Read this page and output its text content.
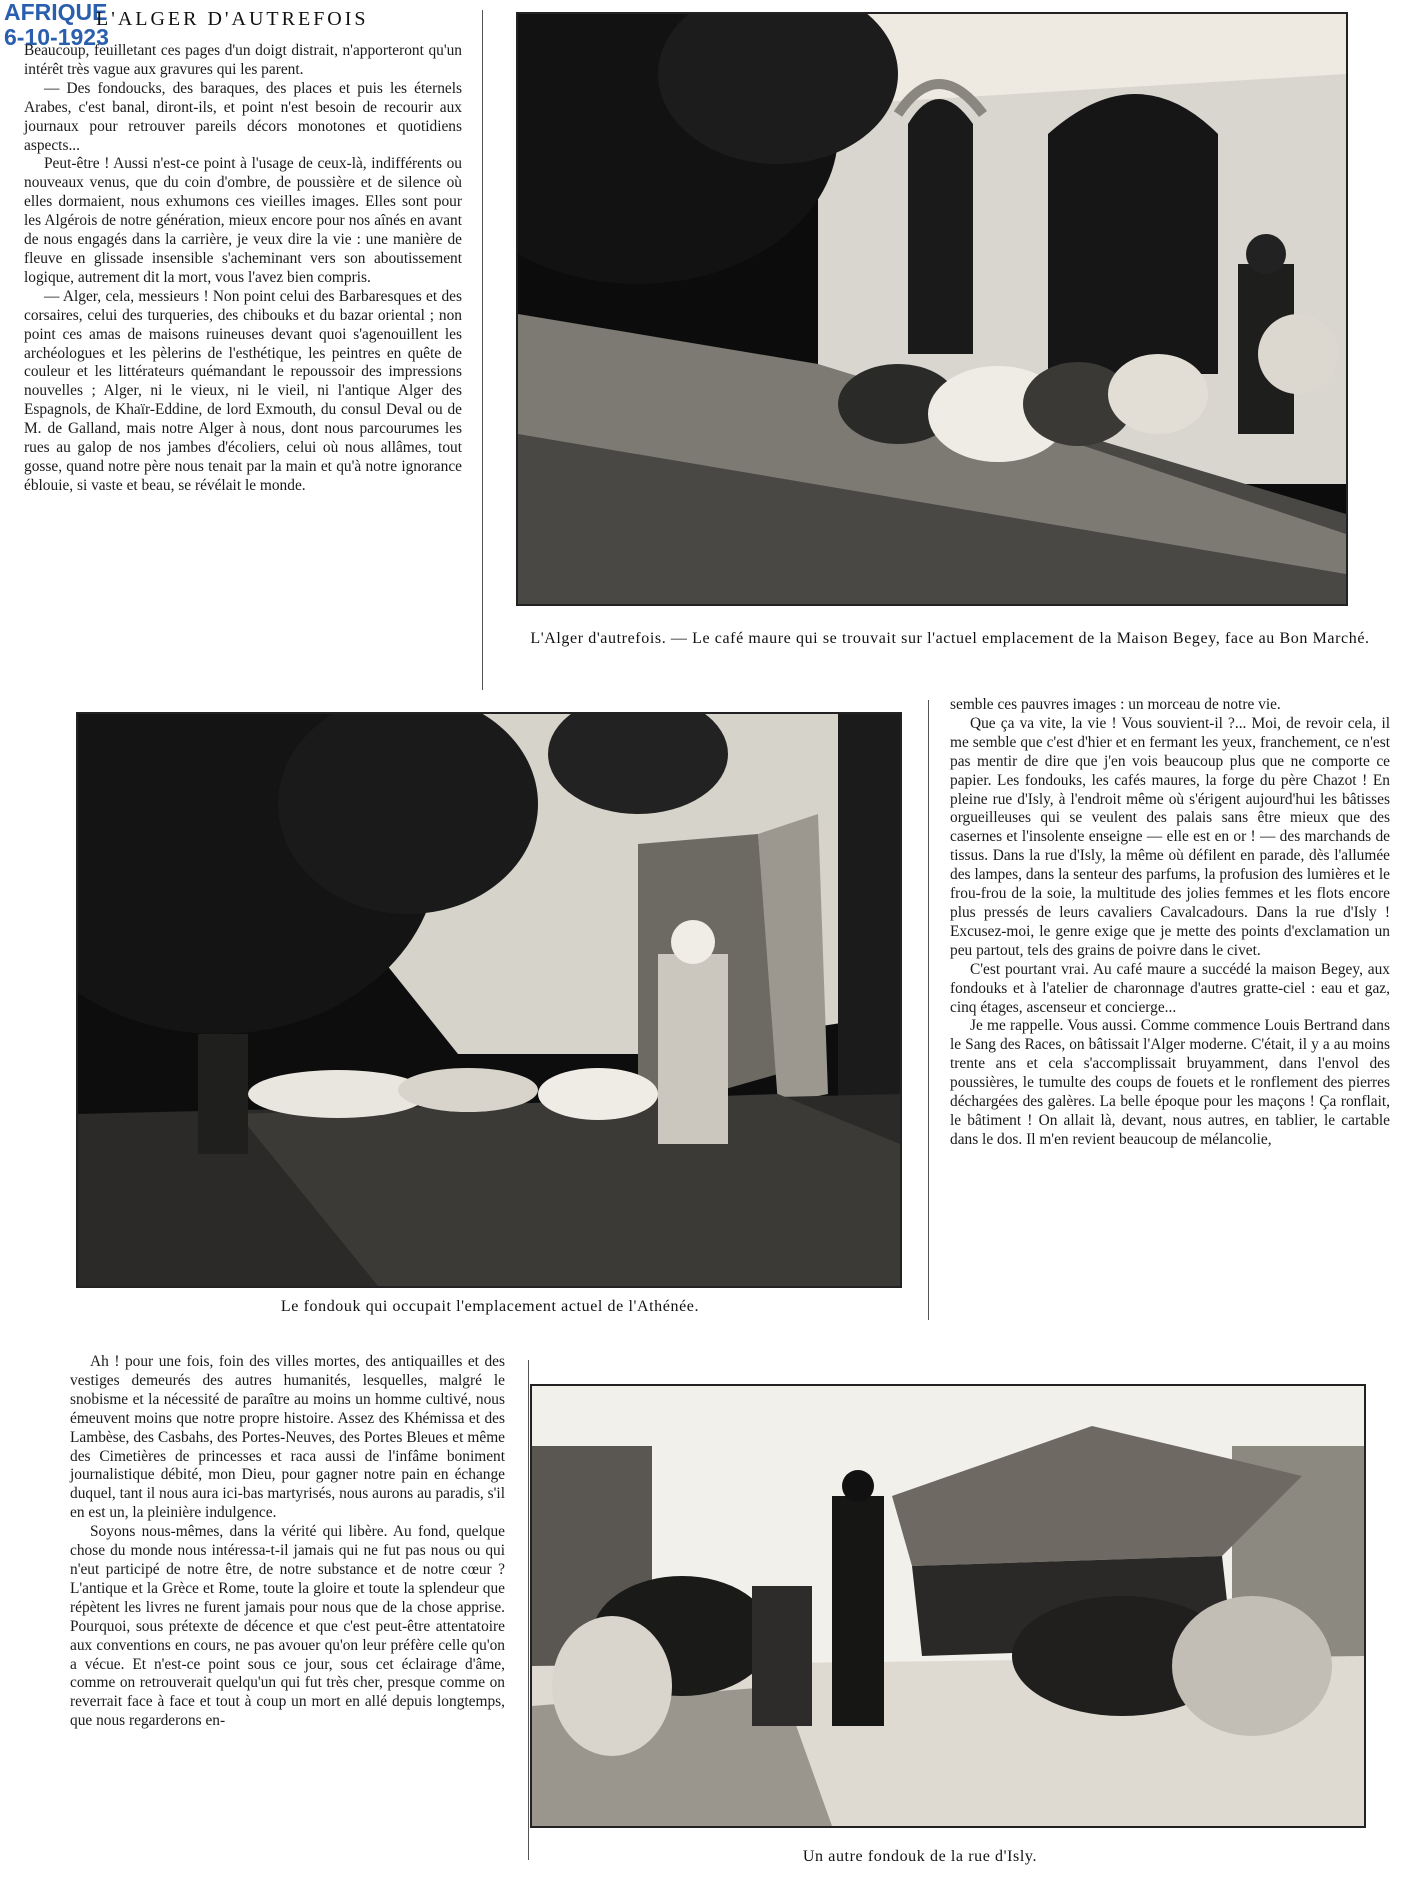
AFRIQUE
6-10-1923
L'ALGER D'AUTREFOIS

Beaucoup, feuilletant ces pages d'un doigt distrait, n'apporteront qu'un intérêt très vague aux gravures qui les parent.

— Des fondoucks, des baraques, des places et puis les éternels Arabes, c'est banal, diront-ils, et point n'est besoin de recourir aux journaux pour retrouver pareils décors monotones et quotidiens aspects...

Peut-être ! Aussi n'est-ce point à l'usage de ceux-là, indifférents ou nouveaux venus, que du coin d'ombre, de poussière et de silence où elles dormaient, nous exhumons ces vieilles images. Elles sont pour les Algérois de notre génération, mieux encore pour nos aînés en avant de nous engagés dans la carrière, je veux dire la vie : une manière de fleuve en glissade insensible s'acheminant vers son aboutissement logique, autrement dit la mort, vous l'avez bien compris.

— Alger, cela, messieurs ! Non point celui des Barbaresques et des corsaires, celui des turqueries, des chibouks et du bazar oriental ; non point ces amas de maisons ruineuses devant quoi s'agenouillent les archéologues et les pèlerins de l'esthétique, les peintres en quête de couleur et les littérateurs quémandant le repoussoir des impressions nouvelles ; Alger, ni le vieux, ni le vieil, ni l'antique Alger des Espagnols, de Khaïr-Eddine, de lord Exmouth, du consul Deval ou de M. de Galland, mais notre Alger à nous, dont nous parcourumes les rues au galop de nos jambes d'écoliers, celui où nous allâmes, tout gosse, quand notre père nous tenait par la main et qu'à notre ignorance éblouie, si vaste et beau, se révélait le monde.

L'Alger d'autrefois. — Le café maure qui se trouvait sur l'actuel emplacement de la Maison Begey, face au Bon Marché.
Le fondouk qui occupait l'emplacement actuel de l'Athénée.

semble ces pauvres images : un morceau de notre vie.

Que ça va vite, la vie ! Vous souvient-il ?... Moi, de revoir cela, il me semble que c'est d'hier et en fermant les yeux, franchement, ce n'est pas mentir de dire que j'en vois beaucoup plus que ne comporte ce papier. Les fondouks, les cafés maures, la forge du père Chazot ! En pleine rue d'Isly, à l'endroit même où s'érigent aujourd'hui les bâtisses orgueilleuses qui se veulent des palais sans être mieux que des casernes et l'insolente enseigne — elle est en or ! — des marchands de tissus. Dans la rue d'Isly, la même où défilent en parade, dès l'allumée des lampes, dans la senteur des parfums, la profusion des lumières et le frou-frou de la soie, la multitude des jolies femmes et les flots encore plus pressés de leurs cavaliers Cavalcadours. Dans la rue d'Isly ! Excusez-moi, le genre exige que je mette des points d'exclamation un peu partout, tels des grains de poivre dans le civet.

C'est pourtant vrai. Au café maure a succédé la maison Begey, aux fondouks et à l'atelier de charonnage d'autres gratte-ciel : eau et gaz, cinq étages, ascenseur et concierge...

Je me rappelle. Vous aussi. Comme commence Louis Bertrand dans le Sang des Races, on bâtissait l'Alger moderne. C'était, il y a au moins trente ans et cela s'accomplissait bruyamment, dans l'envol des poussières, le tumulte des coups de fouets et le ronflement des pierres déchargées des galères. La belle époque pour les maçons ! Ça ronflait, le bâtiment ! On allait là, devant, nous autres, en tablier, le cartable dans le dos. Il m'en revient beaucoup de mélancolie,

Ah ! pour une fois, foin des villes mortes, des antiquailles et des vestiges demeurés des autres humanités, lesquelles, malgré le snobisme et la nécessité de paraître au moins un homme cultivé, nous émeuvent moins que notre propre histoire. Assez des Khémissa et des Lambèse, des Casbahs, des Portes-Neuves, des Portes Bleues et même des Cimetières de princesses et raca aussi de l'infâme boniment journalistique débité, mon Dieu, pour gagner notre pain en échange duquel, tant il nous aura ici-bas martyrisés, nous aurons au paradis, s'il en est un, la pleinière indulgence.

Soyons nous-mêmes, dans la vérité qui libère. Au fond, quelque chose du monde nous intéressa-t-il jamais qui ne fut pas nous ou qui n'eut participé de notre être, de notre substance et de notre cœur ? L'antique et la Grèce et Rome, toute la gloire et toute la splendeur que répètent les livres ne furent jamais pour nous que de la chose apprise. Pourquoi, sous prétexte de décence et que c'est peut-être attentatoire aux conventions en cours, ne pas avouer qu'on leur préfère celle qu'on a vécue. Et n'est-ce point sous ce jour, sous cet éclairage d'âme, comme on retrouverait quelqu'un qui fut très cher, presque comme on reverrait face à face et tout à coup un mort en allé depuis longtemps, que nous regarderons en-

Un autre fondouk de la rue d'Isly.
